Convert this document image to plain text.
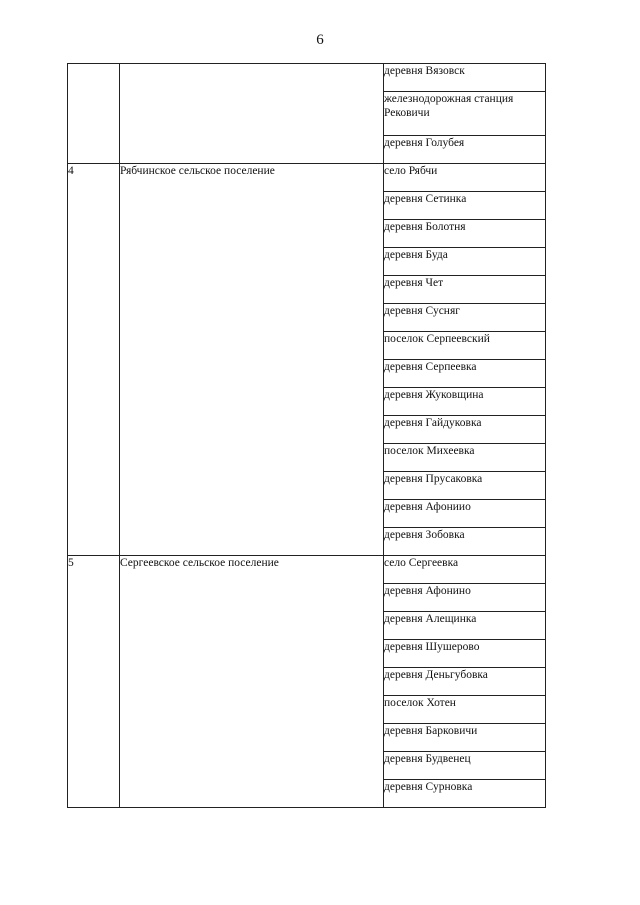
6
		деревня Вязовск
		железнодорожная станция Рековичи
		деревня Голубея
4	Рябчинское сельское поселение	село Рябчи
		деревня Сетинка
		деревня Болотня
		деревня Буда
		деревня Чет
		деревня Сусняг
		поселок Серпеевский
		деревня Серпеевка
		деревня Жуковщина
		деревня Гайдуковка
		поселок Михеевка
		деревня Прусаковка
		деревня Афониио
		деревня Зобовка
5	Сергеевское сельское поселение	село Сергеевка
		деревня Афонино
		деревня Алещинка
		деревня Шушерово
		деревня Деньгубовка
		поселок Хотен
		деревня Барковичи
		деревня Будвенец
		деревня Сурновка
